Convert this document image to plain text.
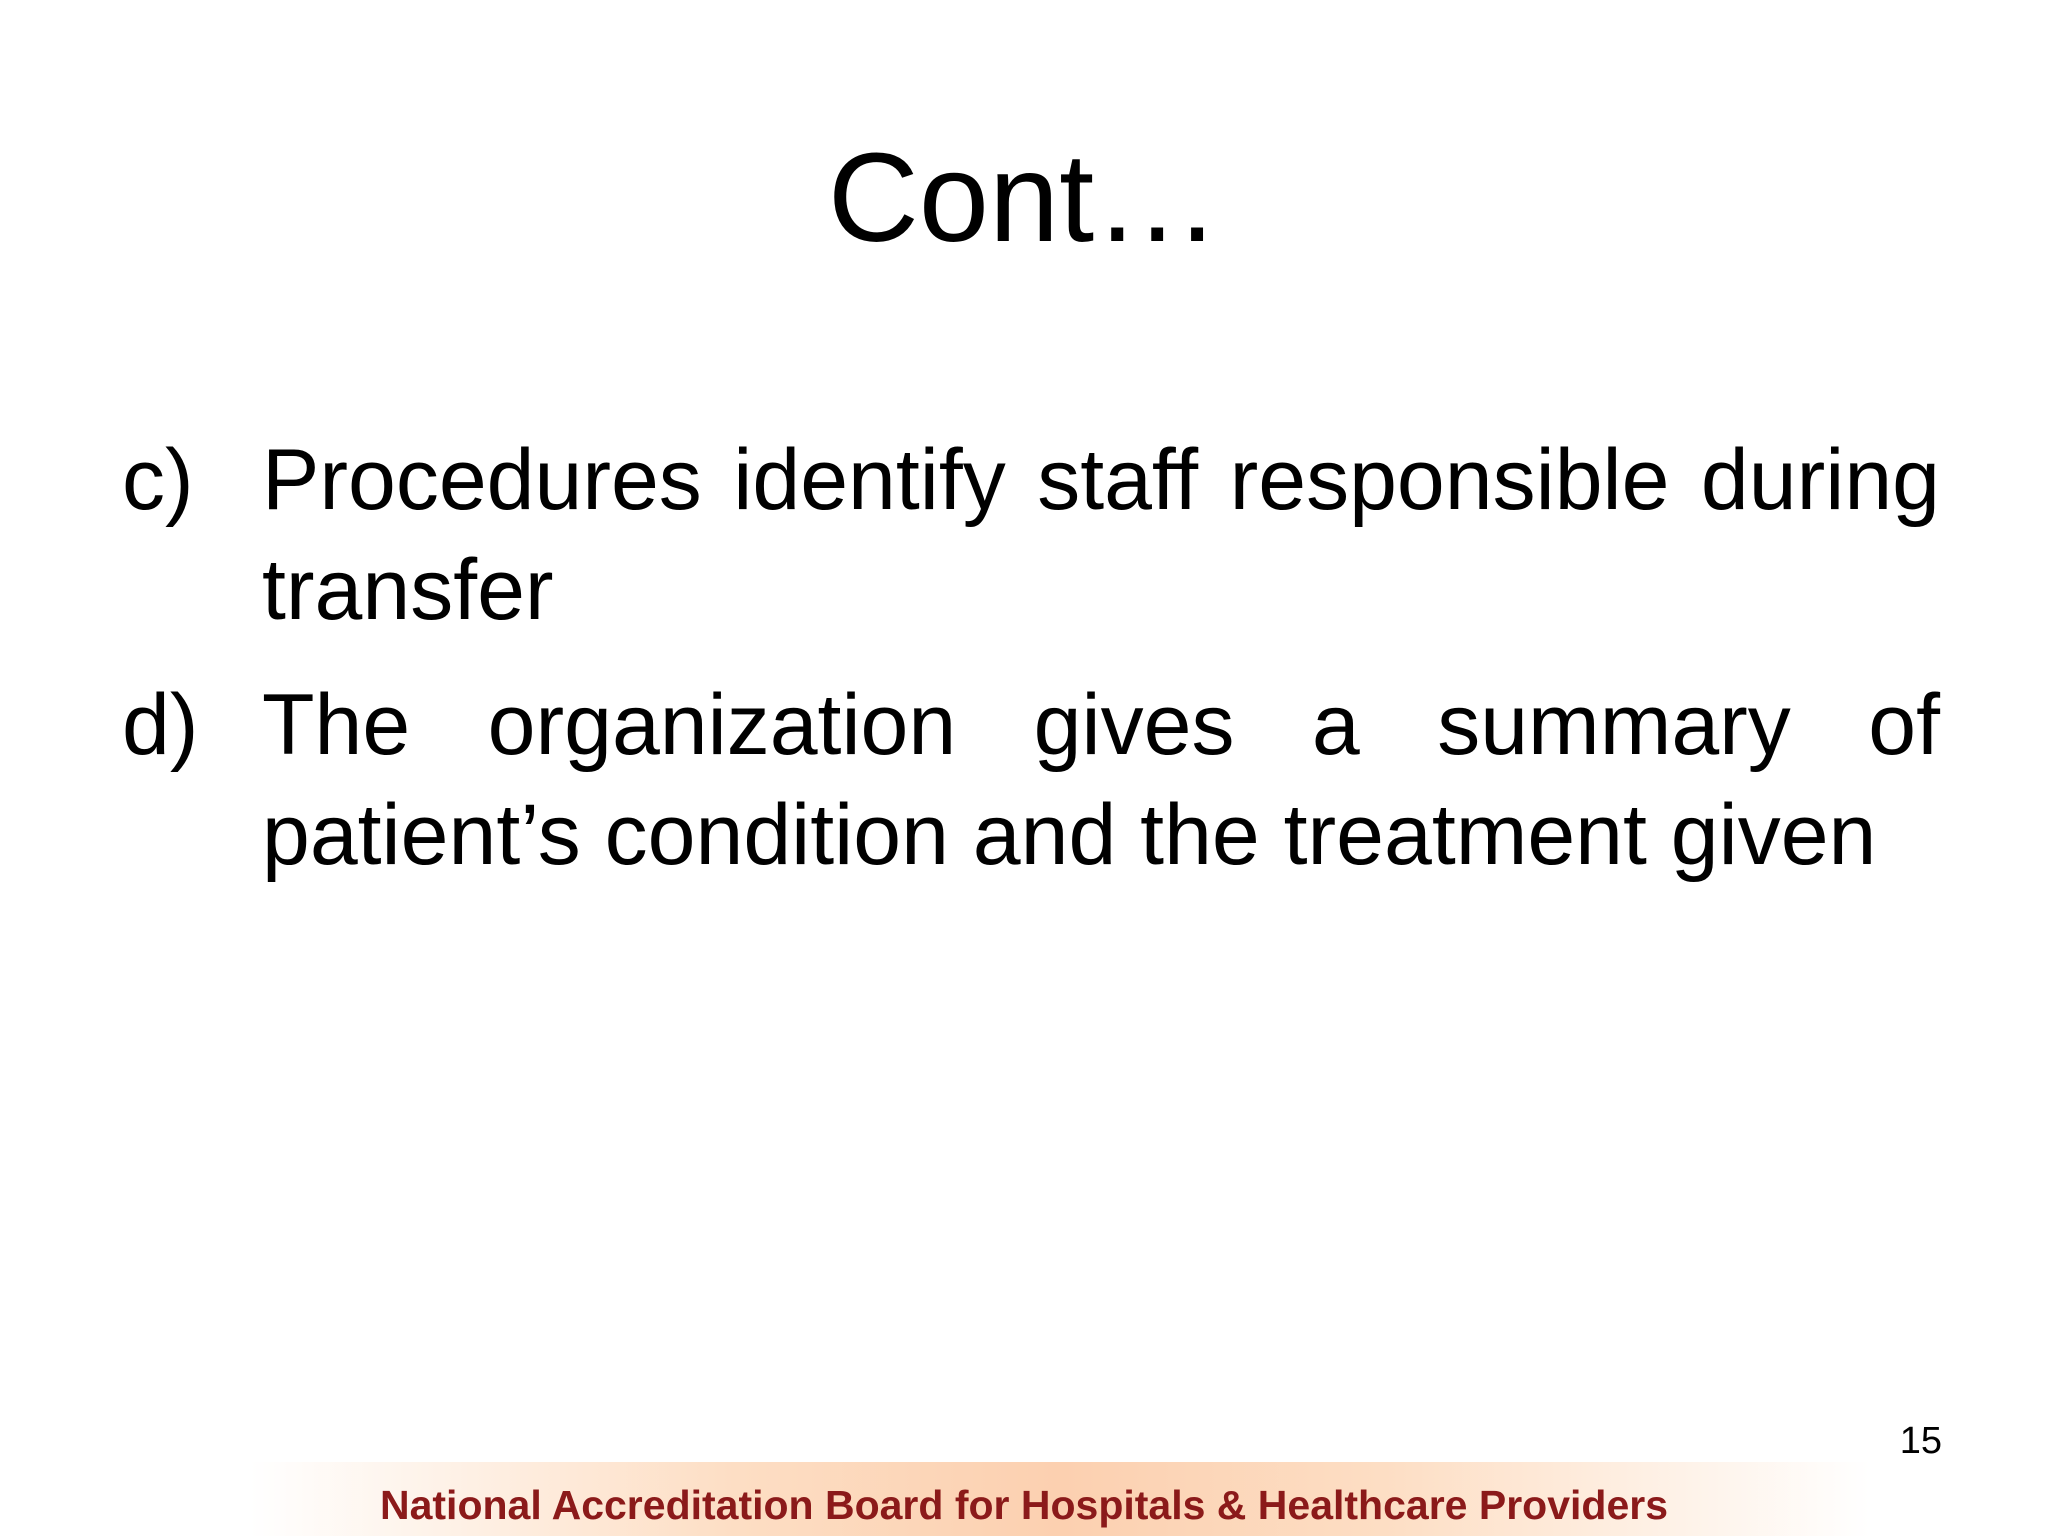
Cont…
c) Procedures identify staff responsible during transfer
d) The organization gives a summary of patient’s condition and the treatment given
15
National Accreditation Board for Hospitals & Healthcare Providers
